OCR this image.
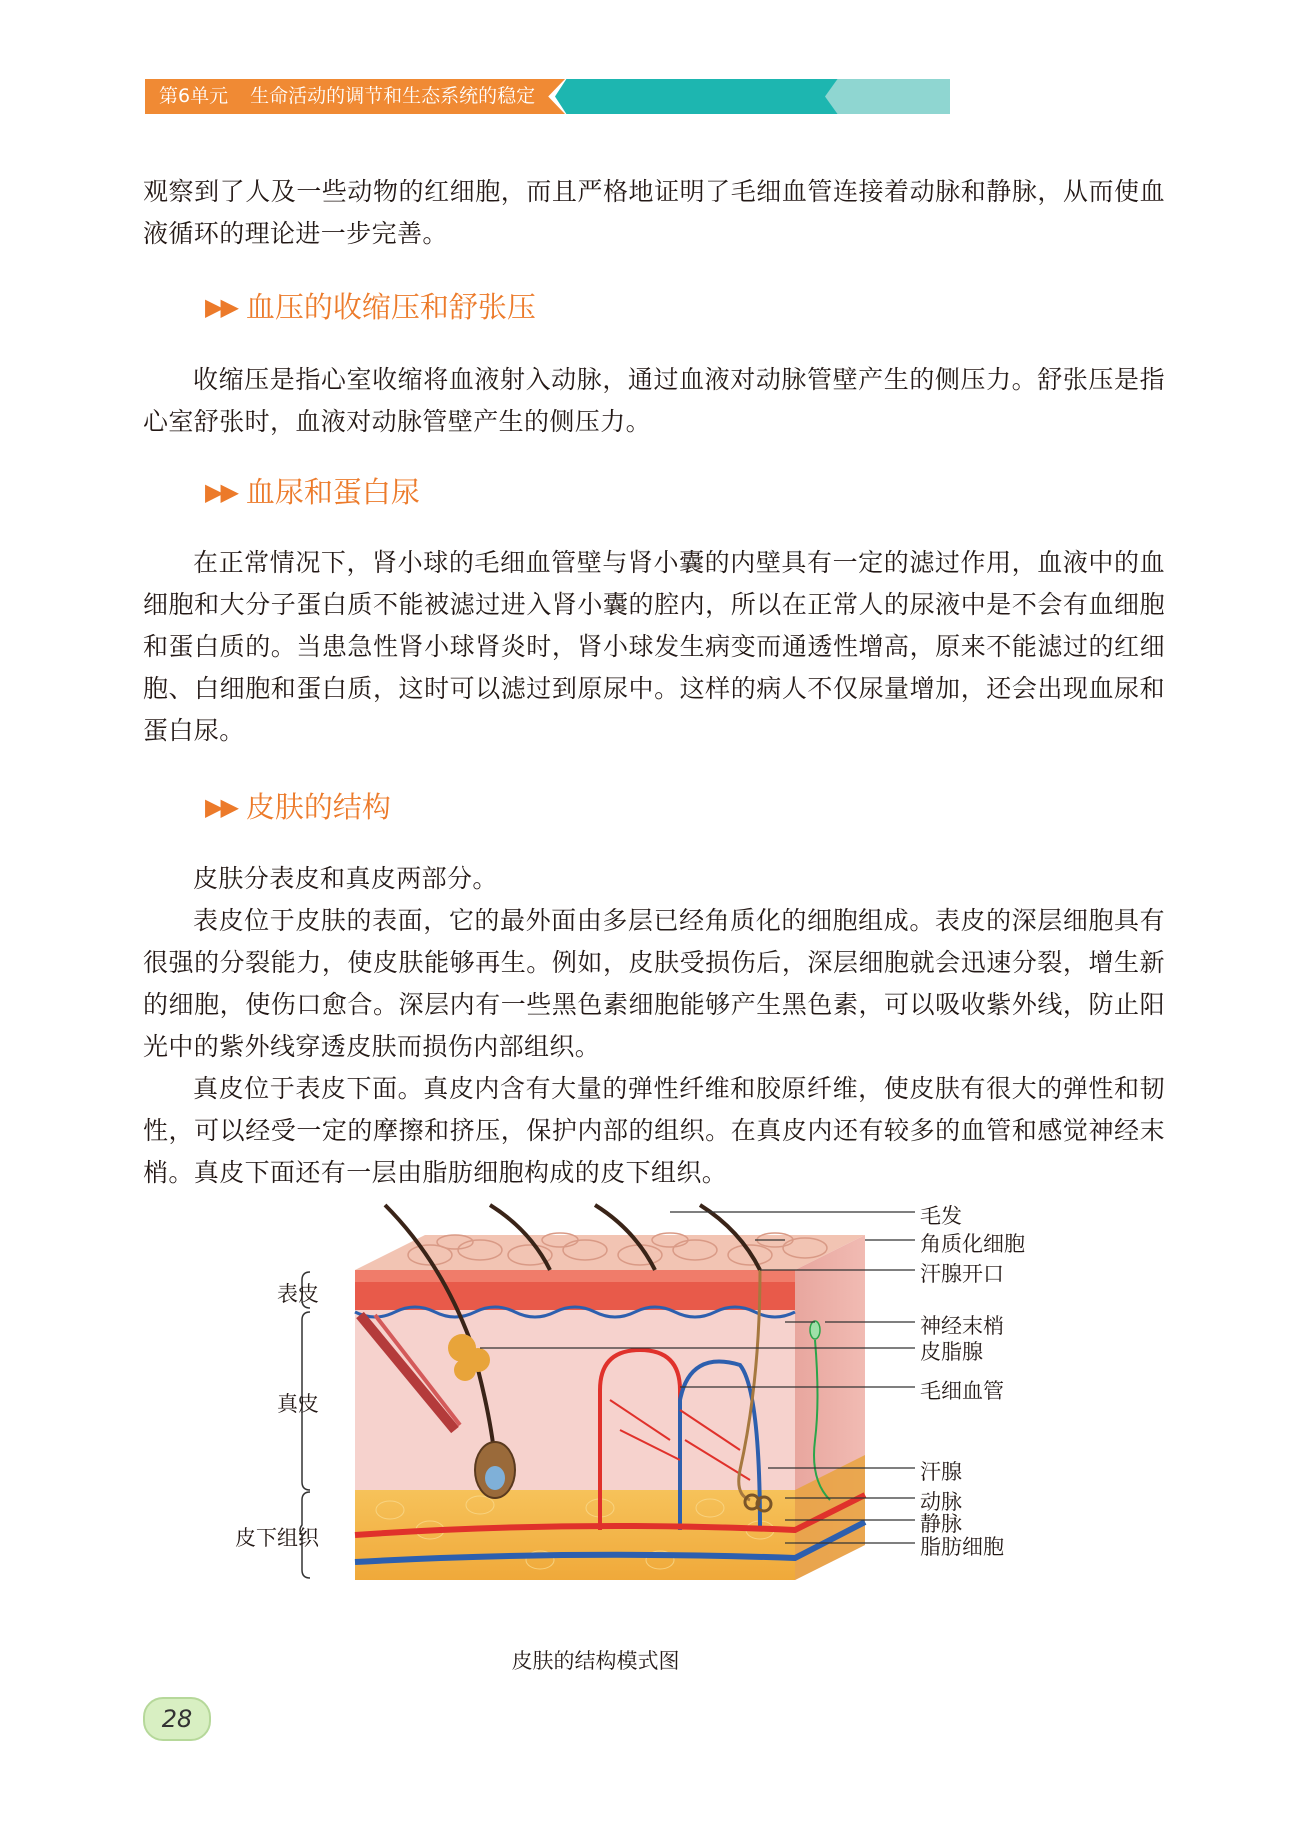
第6单元 生命活动的调节和生态系统的稳定

观察到了人及一些动物的红细胞，而且严格地证明了毛细血管连接着动脉和静脉，从而使血液循环的理论进一步完善。

▶▶ 血压的收缩压和舒张压

收缩压是指心室收缩将血液射入动脉，通过血液对动脉管壁产生的侧压力。舒张压是指心室舒张时，血液对动脉管壁产生的侧压力。

▶▶ 血尿和蛋白尿

在正常情况下，肾小球的毛细血管壁与肾小囊的内壁具有一定的滤过作用，血液中的血细胞和大分子蛋白质不能被滤过进入肾小囊的腔内，所以在正常人的尿液中是不会有血细胞和蛋白质的。当患急性肾小球肾炎时，肾小球发生病变而通透性增高，原来不能滤过的红细胞、白细胞和蛋白质，这时可以滤过到原尿中。这样的病人不仅尿量增加，还会出现血尿和蛋白尿。

▶▶ 皮肤的结构

皮肤分表皮和真皮两部分。

表皮位于皮肤的表面，它的最外面由多层已经角质化的细胞组成。表皮的深层细胞具有很强的分裂能力，使皮肤能够再生。例如，皮肤受损伤后，深层细胞就会迅速分裂，增生新的细胞，使伤口愈合。深层内有一些黑色素细胞能够产生黑色素，可以吸收紫外线，防止阳光中的紫外线穿透皮肤而损伤内部组织。

真皮位于表皮下面。真皮内含有大量的弹性纤维和胶原纤维，使皮肤有很大的弹性和韧性，可以经受一定的摩擦和挤压，保护内部的组织。在真皮内还有较多的血管和感觉神经末梢。真皮下面还有一层由脂肪细胞构成的皮下组织。

表皮
真皮
皮下组织
毛发
角质化细胞
汗腺开口
神经末梢
皮脂腺
毛细血管
汗腺
动脉
静脉
脂肪细胞
皮肤的结构模式图
28
